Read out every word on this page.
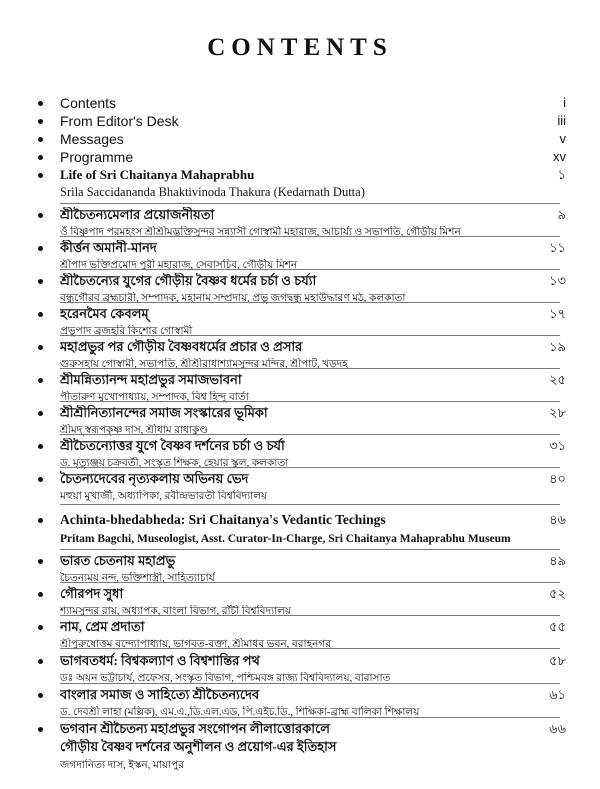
CONTENTS
Contents	i
From Editor's Desk	iii
Messages	v
Programme	xv
Life of Sri Chaitanya Mahaprabhu	১
Srila Saccidananda Bhaktivinoda Thakura (Kedarnath Dutta)
শ্রীচৈতন্যমেলার প্রয়োজনীয়তা	৯
ওঁ বিষ্ণুপাদ পরমহংস শ্রীশ্রীমদ্ভক্তিসুন্দর সন্ন্যাসী গোস্বামী মহারাজ, আচার্য্য ও সভাপতি, গৌড়ীয় মিশন
কীর্ত্তন অমানী-মানদ	১১
শ্রীপাদ ভক্তিপ্রমোদ পুরী মহারাজ, সেবাসচিব, গৌড়ীয় মিশন
শ্রীচৈতন্যের যুগের গৌড়ীয় বৈষ্ণব ধর্মের চর্চা ও চর্য্যা	১৩
বন্ধুগৌরব ব্রহ্মচারী, সম্পাদক, মহানাম সম্প্রদায়, প্রভু জগদ্বন্ধু মহাউদ্ধারণ মঠ, কলকাতা
হরেনমৈব কেবলম্	১৭
প্রভুপাদ ব্রজহরি কিশোর গোস্বামী
মহাপ্রভুর পর গৌড়ীয় বৈষ্ণবধর্মের প্রচার ও প্রসার	১৯
গুরুসহায় গোস্বামী, সভাপতি, শ্রীশ্রীরাধাশ্যামসুন্দর মন্দির, শ্রীপাট, খড়দহ
শ্রীমন্নিত্যানন্দ মহাপ্রভুর সমাজভাবনা	২৫
পীতারুণ মুখোপাধ্যায়, সম্পাদক, বিশ্ব হিন্দু বার্তা
শ্রীশ্রীনিত্যানন্দের সমাজ সংস্কারের ভূমিকা	২৮
শ্রীমদ্ স্বরূপকৃষ্ণ দাস, শ্রীধাম রাধাকুণ্ড
শ্রীচৈতন্যোত্তর যুগে বৈষ্ণব দর্শনের চর্চা ও চর্যা	৩১
ড. মৃত্যুঞ্জয় চক্রবর্তী, সংস্কৃত শিক্ষক, হেয়ার স্কুল, কলকাতা
চৈতন্যদেবের নৃত্যকলায় অভিনয় ভেদ	৪০
মহুয়া মুখার্জী, অধ্যাপিকা, রবীন্দ্রভারতী বিশ্ববিদ্যালয়
Achinta-bhedabheda: Sri Chaitanya's Vedantic Techings	৪৬
Pritam Bagchi, Museologist, Asst. Curator-In-Charge, Sri Chaitanya Mahaprabhu Museum
ভারত চেতনায় মহাপ্রভু	৪৯
চৈতন্যময় নন্দ, ভক্তিশাস্ত্রী, সাহিত্যাচার্য
গৌরপদ সুধা	৫২
শ্যামসুন্দর রায়, অধ্যাপক, বাংলা বিভাগ, রাঁচী বিশ্ববিদ্যালয়
নাম, প্রেম প্রদাতা	৫৫
শ্রীপুরুষোত্তম বন্দ্যোপাধ্যায়, ভাগবত-বক্তা, শ্রীমাধব ভবন, বরাহনগর
ভাগবতধর্ম: বিশ্বকল্যাণ ও বিশ্বশান্তির পথ	৫৮
ডঃ অয়ন ভট্টাচার্য, প্রফেসর, সংস্কৃত বিভাগ, পশ্চিমবঙ্গ রাজ্য বিশ্ববিদ্যালয়, বারাসাত
বাংলার সমাজ ও সাহিত্যে শ্রীচৈতন্যদেব	৬১
ড. দেবশ্রী লাহা (মল্লিক), এম.এ.,ডি.এল.এড, পি.এইচ.ডি., শিক্ষিকা-ব্রাহ্ম বালিকা শিক্ষালয়
ভগবান শ্রীচৈতন্য মহাপ্রভুর সংগোপন লীলাত্তোরকালে	৬৬
গৌড়ীয় বৈষ্ণব দর্শনের অনুশীলন ও প্রয়োগ-এর ইতিহাস
জগদানিত্য দাস, ইস্কন, মায়াপুর
